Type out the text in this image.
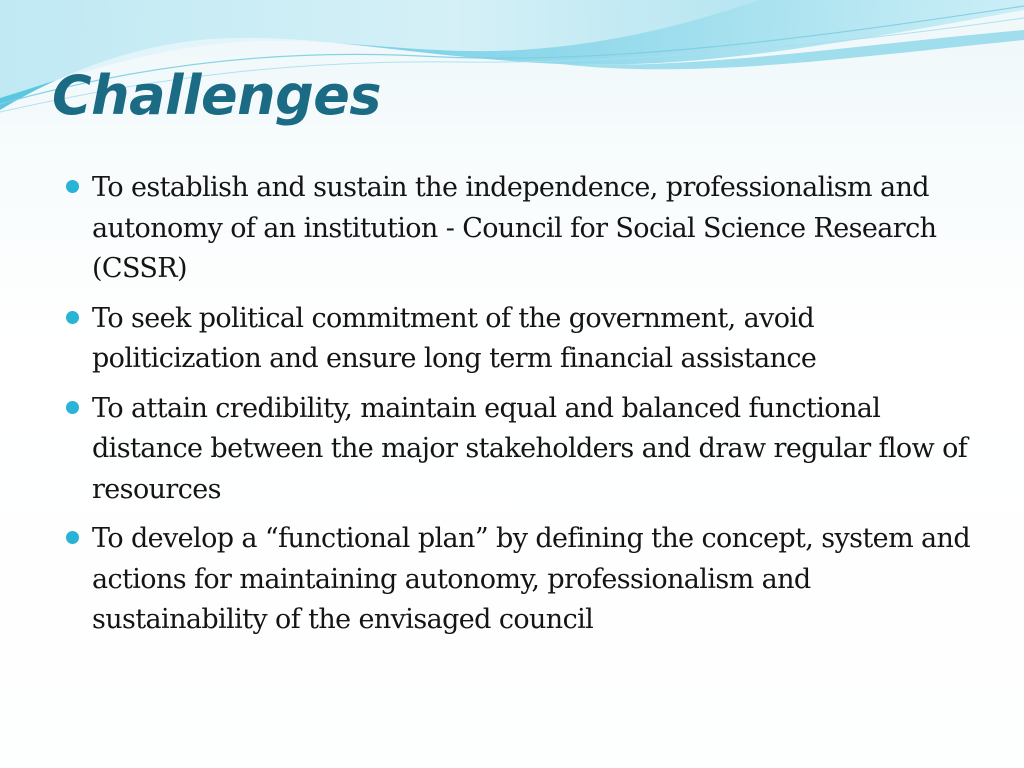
Challenges
To establish and sustain the independence, professionalism and autonomy of an institution - Council for Social Science Research (CSSR)
To seek political commitment of the government, avoid politicization and ensure long term financial assistance
To attain credibility, maintain equal and balanced functional distance between the major stakeholders and draw regular flow of resources
To develop a “functional plan” by defining the concept, system and actions for maintaining autonomy, professionalism and sustainability of the envisaged council
